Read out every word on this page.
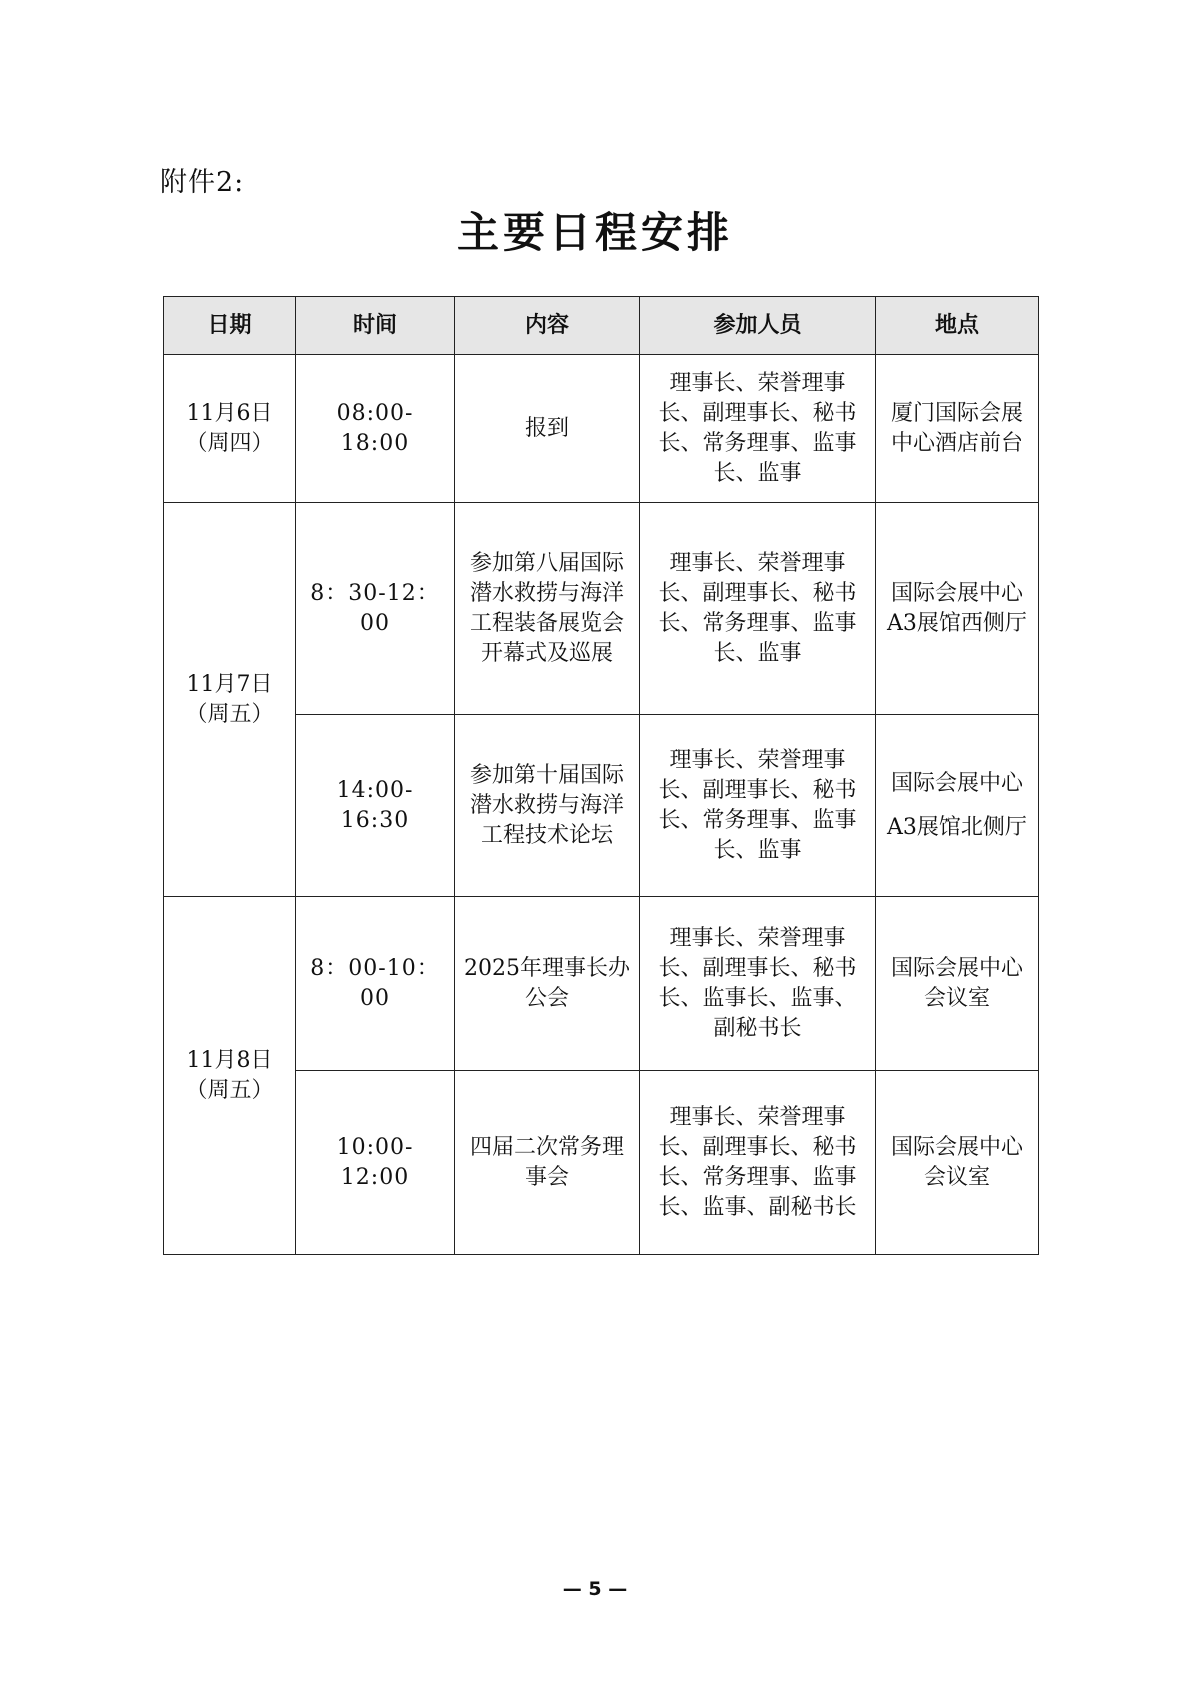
附件2:
主要日程安排
日期	时间	内容	参加人员	地点

11月6日
（周四）	08:00-18:00	报到	理事长、荣誉理事长、副理事长、秘书长、常务理事、监事长、监事	厦门国际会展中心酒店前台

11月7日
（周五）	8：30-12：00	参加第八届国际潜水救捞与海洋工程装备展览会开幕式及巡展	理事长、荣誉理事长、副理事长、秘书长、常务理事、监事长、监事	国际会展中心A3展馆西侧厅
	14:00-16:30	参加第十届国际潜水救捞与海洋工程技术论坛	理事长、荣誉理事长、副理事长、秘书长、常务理事、监事长、监事	国际会展中心A3展馆北侧厅

11月8日
（周五）	8：00-10：00	2025年理事长办公会	理事长、荣誉理事长、副理事长、秘书长、监事长、监事、副秘书长	国际会展中心会议室
	10:00-12:00	四届二次常务理事会	理事长、荣誉理事长、副理事长、秘书长、常务理事、监事长、监事、副秘书长	国际会展中心会议室
— 5 —
